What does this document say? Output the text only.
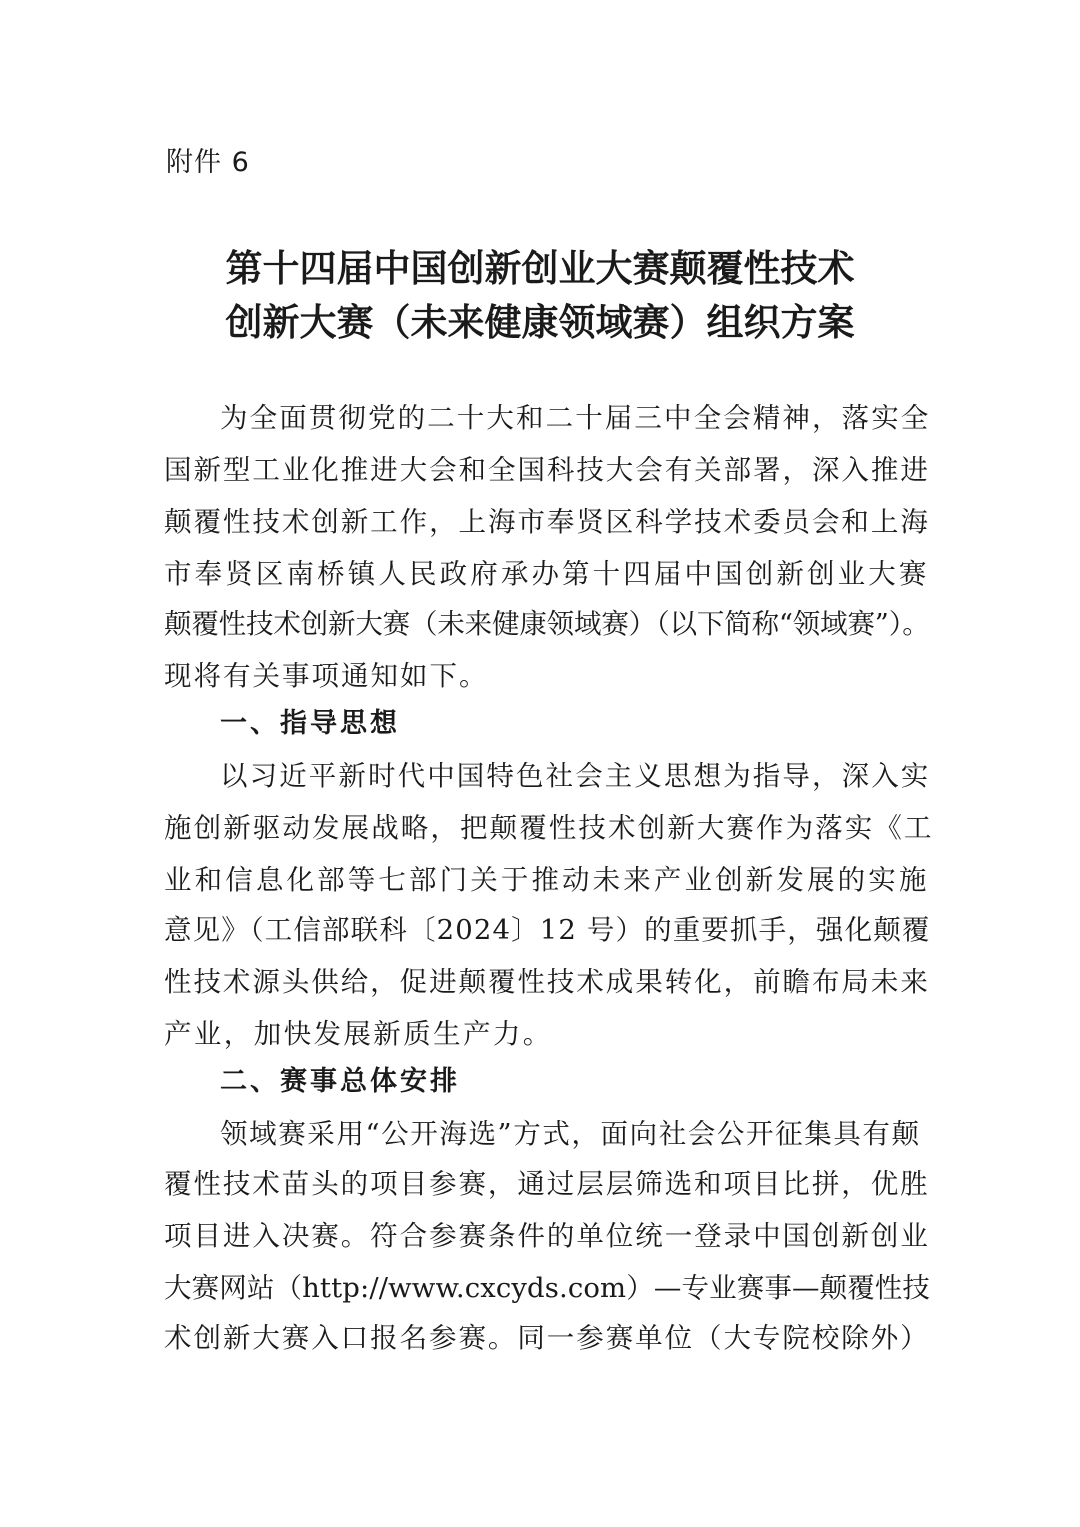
附件 6
第十四届中国创新创业大赛颠覆性技术
创新大赛（未来健康领域赛）组织方案
为全面贯彻党的二十大和二十届三中全会精神，落实全
国新型工业化推进大会和全国科技大会有关部署，深入推进
颠覆性技术创新工作，上海市奉贤区科学技术委员会和上海
市奉贤区南桥镇人民政府承办第十四届中国创新创业大赛
颠覆性技术创新大赛（未来健康领域赛）（以下简称“领域赛”）。
现将有关事项通知如下。
一、指导思想
以习近平新时代中国特色社会主义思想为指导，深入实
施创新驱动发展战略，把颠覆性技术创新大赛作为落实《工
业和信息化部等七部门关于推动未来产业创新发展的实施
意见》（工信部联科〔2024〕12 号）的重要抓手，强化颠覆
性技术源头供给，促进颠覆性技术成果转化，前瞻布局未来
产业，加快发展新质生产力。
二、赛事总体安排
领域赛采用“公开海选”方式，面向社会公开征集具有颠
覆性技术苗头的项目参赛，通过层层筛选和项目比拼，优胜
项目进入决赛。符合参赛条件的单位统一登录中国创新创业
大赛网站（http://www.cxcyds.com）—专业赛事—颠覆性技
术创新大赛入口报名参赛。同一参赛单位（大专院校除外）
